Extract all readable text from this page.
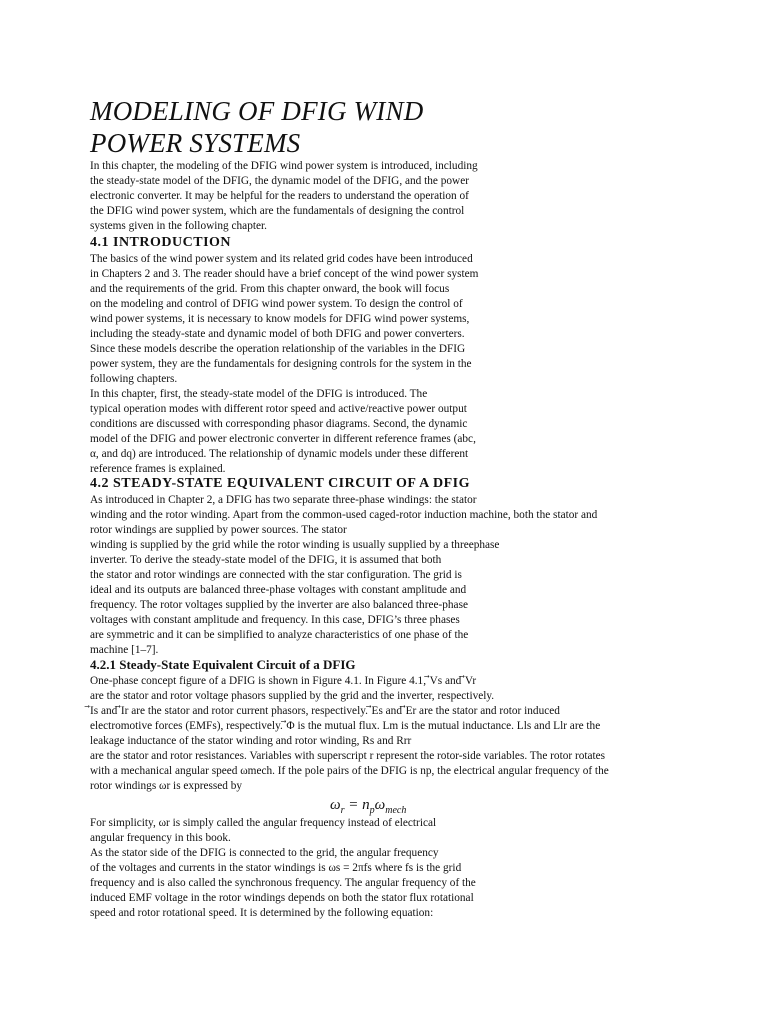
MODELING OF DFIG WIND
POWER SYSTEMS
In this chapter, the modeling of the DFIG wind power system is introduced, including
the steady-state model of the DFIG, the dynamic model of the DFIG, and the power
electronic converter. It may be helpful for the readers to understand the operation of
the DFIG wind power system, which are the fundamentals of designing the control
systems given in the following chapter.
4.1 INTRODUCTION
The basics of the wind power system and its related grid codes have been introduced
in Chapters 2 and 3. The reader should have a brief concept of the wind power system
and the requirements of the grid. From this chapter onward, the book will focus
on the modeling and control of DFIG wind power system. To design the control of
wind power systems, it is necessary to know models for DFIG wind power systems,
including the steady-state and dynamic model of both DFIG and power converters.
Since these models describe the operation relationship of the variables in the DFIG
power system, they are the fundamentals for designing controls for the system in the
following chapters.
In this chapter, first, the steady-state model of the DFIG is introduced. The
typical operation modes with different rotor speed and active/reactive power output
conditions are discussed with corresponding phasor diagrams. Second, the dynamic
model of the DFIG and power electronic converter in different reference frames (abc,
α, and dq) are introduced. The relationship of dynamic models under these different
reference frames is explained.
4.2 STEADY-STATE EQUIVALENT CIRCUIT OF A DFIG
As introduced in Chapter 2, a DFIG has two separate three-phase windings: the stator
winding and the rotor winding. Apart from the common-used caged-rotor induction machine, both the stator and
rotor windings are supplied by power sources. The stator
winding is supplied by the grid while the rotor winding is usually supplied by a threephase
inverter. To derive the steady-state model of the DFIG, it is assumed that both
the stator and rotor windings are connected with the star configuration. The grid is
ideal and its outputs are balanced three-phase voltages with constant amplitude and
frequency. The rotor voltages supplied by the inverter are also balanced three-phase
voltages with constant amplitude and frequency. In this case, DFIG’s three phases
are symmetric and it can be simplified to analyze characteristics of one phase of the
machine [1–7].
4.2.1 Steady-State Equivalent Circuit of a DFIG
One-phase concept figure of a DFIG is shown in Figure 4.1. In Figure 4.1, ⃗Vs and ⃗Vr
are the stator and rotor voltage phasors supplied by the grid and the inverter, respectively.
⃗Is and ⃗Ir are the stator and rotor current phasors, respectively. ⃗Es and ⃗Er are the stator and rotor induced
electromotive forces (EMFs), respectively. ⃗Φ is the mutual flux. Lm is the mutual inductance. Lls and Llr are the
leakage inductance of the stator winding and rotor winding, Rs and Rrr
are the stator and rotor resistances. Variables with superscript r represent the rotor-side variables. The rotor rotates
with a mechanical angular speed ωmech. If the pole pairs of the DFIG is np, the electrical angular frequency of the
rotor windings ωr is expressed by
$\omega_r = n_p\omega_{mech}$
For simplicity, ωr is simply called the angular frequency instead of electrical
angular frequency in this book.
As the stator side of the DFIG is connected to the grid, the angular frequency
of the voltages and currents in the stator windings is ωs = 2πfs where fs is the grid
frequency and is also called the synchronous frequency. The angular frequency of the
induced EMF voltage in the rotor windings depends on both the stator flux rotational
speed and rotor rotational speed. It is determined by the following equation:
